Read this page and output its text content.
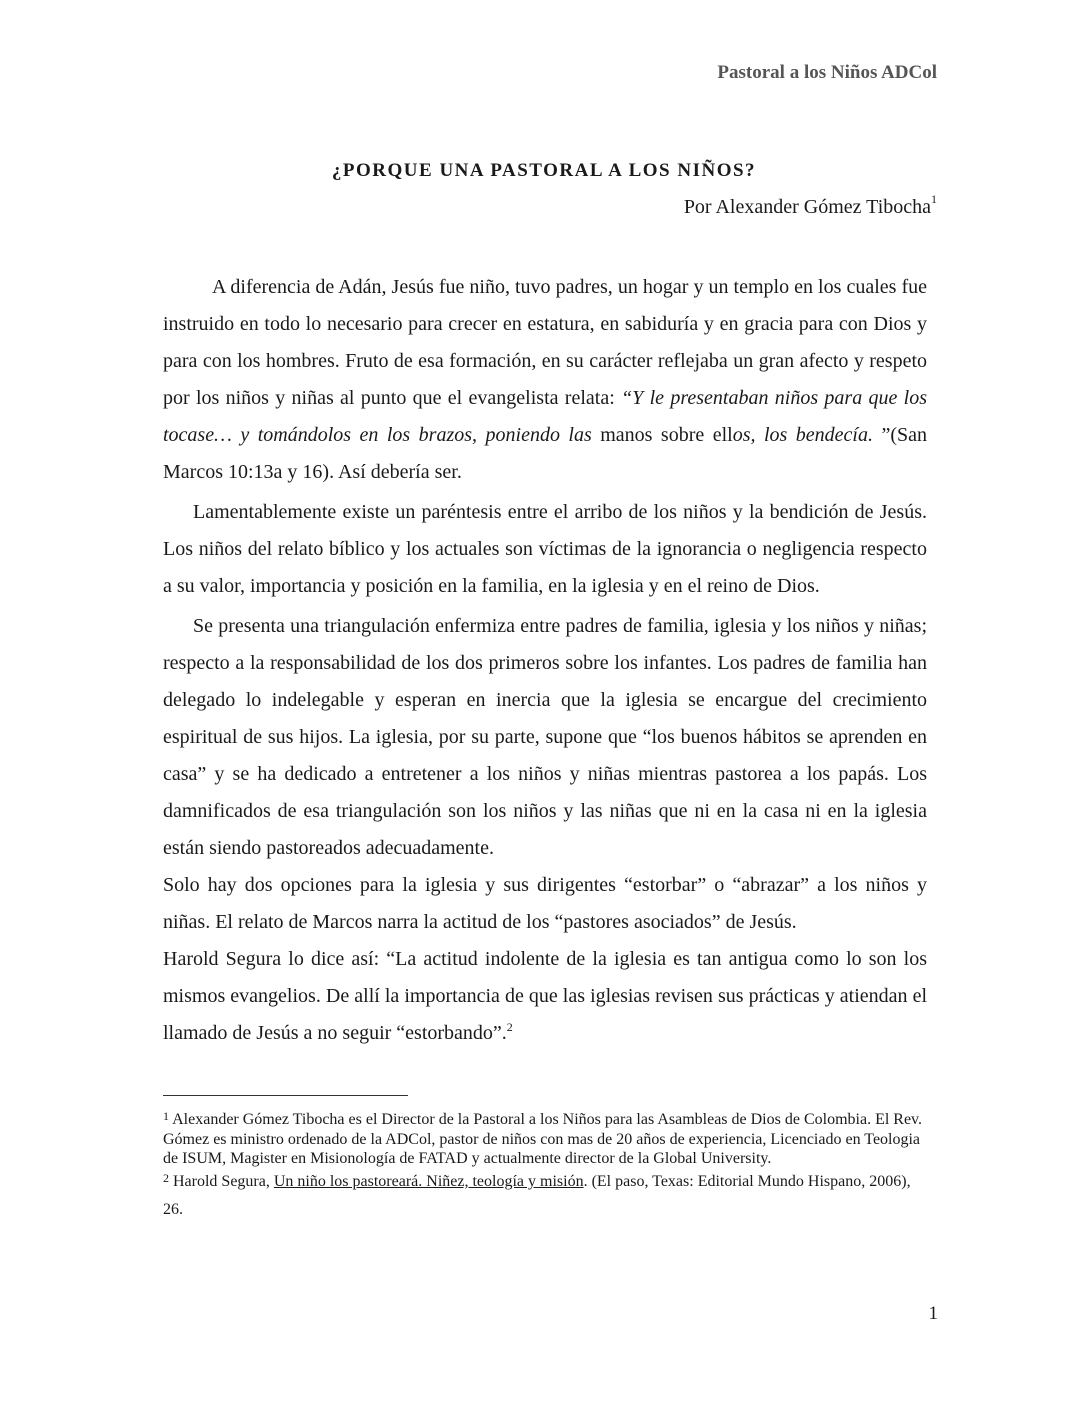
Pastoral a los Niños ADCol
¿PORQUE UNA PASTORAL A LOS NIÑOS?
Por Alexander Gómez Tibocha$^1$

A diferencia de Adán, Jesús fue niño, tuvo padres, un hogar y un templo en los cuales fue instruido en todo lo necesario para crecer en estatura, en sabiduría y en gracia para con Dios y para con los hombres. Fruto de esa formación, en su carácter reflejaba un gran afecto y respeto por los niños y niñas al punto que el evangelista relata: “Y le presentaban niños para que los tocase… y tomándolos en los brazos, poniendo las manos sobre ellos, los bendecía. ”(San Marcos 10:13a y 16). Así debería ser.

Lamentablemente existe un paréntesis entre el arribo de los niños y la bendición de Jesús. Los niños del relato bíblico y los actuales son víctimas de la ignorancia o negligencia respecto a su valor, importancia y posición en la familia, en la iglesia y en el reino de Dios.

Se presenta una triangulación enfermiza entre padres de familia, iglesia y los niños y niñas; respecto a la responsabilidad de los dos primeros sobre los infantes. Los padres de familia han delegado lo indelegable y esperan en inercia que la iglesia se encargue del crecimiento espiritual de sus hijos. La iglesia, por su parte, supone que “los buenos hábitos se aprenden en casa” y se ha dedicado a entretener a los niños y niñas mientras pastorea a los papás. Los damnificados de esa triangulación son los niños y las niñas que ni en la casa ni en la iglesia están siendo pastoreados adecuadamente.

Solo hay dos opciones para la iglesia y sus dirigentes “estorbar” o “abrazar” a los niños y niñas. El relato de Marcos narra la actitud de los “pastores asociados” de Jesús.

Harold Segura lo dice así: “La actitud indolente de la iglesia es tan antigua como lo son los mismos evangelios. De allí la importancia de que las iglesias revisen sus prácticas y atiendan el llamado de Jesús a no seguir “estorbando”.$^2$

$^1$ Alexander Gómez Tibocha es el Director de la Pastoral a los Niños para las Asambleas de Dios de Colombia. El Rev. Gómez es ministro ordenado de la ADCol, pastor de niños con mas de 20 años de experiencia, Licenciado en Teologia de ISUM, Magister en Misionología de FATAD y actualmente director de la Global University.

$^2$ Harold Segura, Un niño los pastoreará. Niñez, teología y misión. (El paso, Texas: Editorial Mundo Hispano, 2006), 26.

1
